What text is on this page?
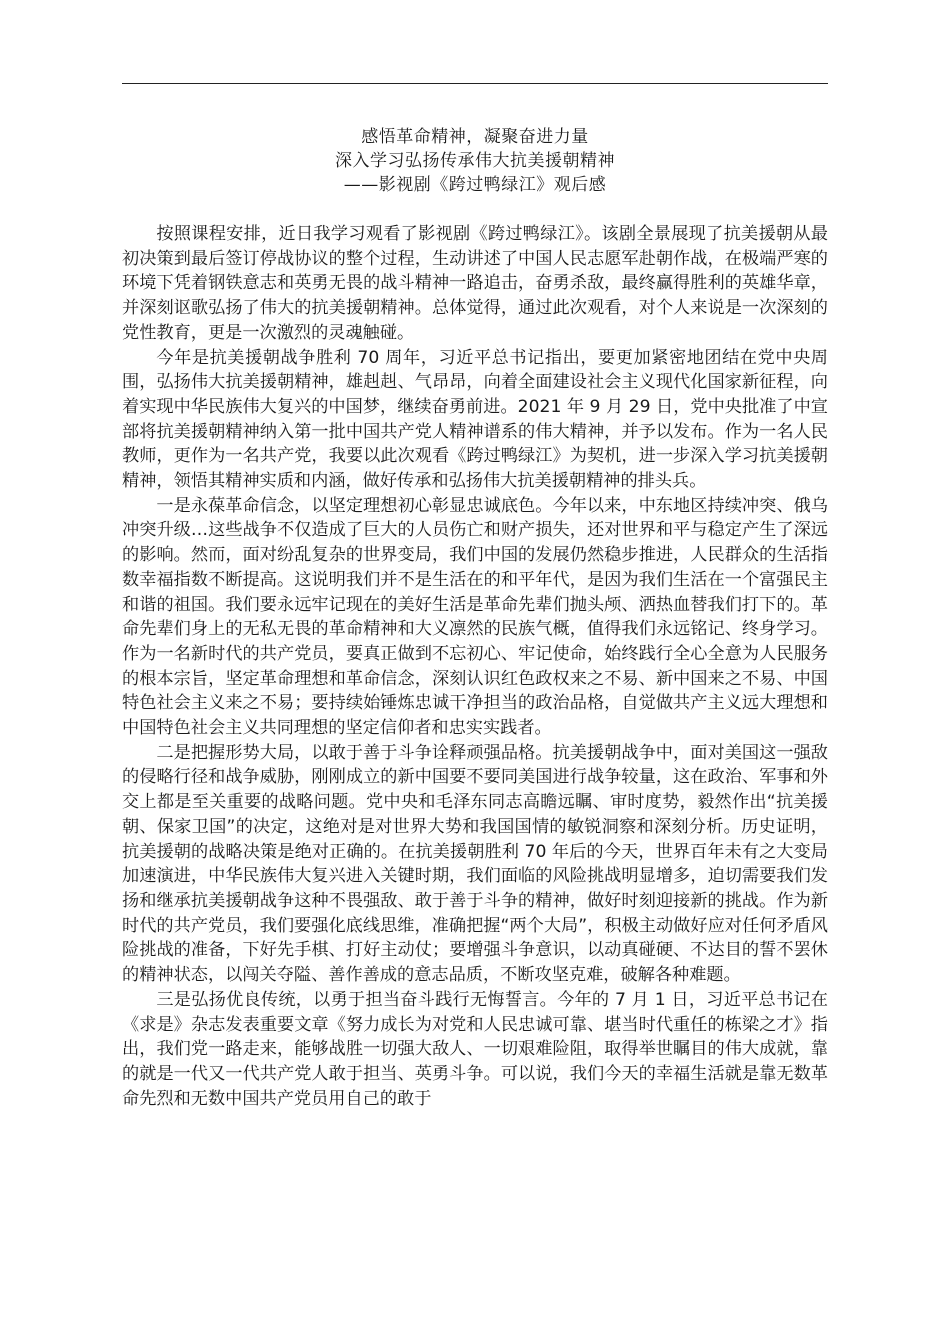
感悟革命精神，凝聚奋进力量
深入学习弘扬传承伟大抗美援朝精神
——影视剧《跨过鸭绿江》观后感

按照课程安排，近日我学习观看了影视剧《跨过鸭绿江》。该剧全景展现了抗美援朝从最初决策到最后签订停战协议的整个过程，生动讲述了中国人民志愿军赴朝作战，在极端严寒的环境下凭着钢铁意志和英勇无畏的战斗精神一路追击，奋勇杀敌，最终赢得胜利的英雄华章，并深刻讴歌弘扬了伟大的抗美援朝精神。总体觉得，通过此次观看，对个人来说是一次深刻的党性教育，更是一次激烈的灵魂触碰。

今年是抗美援朝战争胜利 70 周年，习近平总书记指出，要更加紧密地团结在党中央周围，弘扬伟大抗美援朝精神，雄赳赳、气昂昂，向着全面建设社会主义现代化国家新征程，向着实现中华民族伟大复兴的中国梦，继续奋勇前进。2021 年 9 月 29 日，党中央批准了中宣部将抗美援朝精神纳入第一批中国共产党人精神谱系的伟大精神，并予以发布。作为一名人民教师，更作为一名共产党，我要以此次观看《跨过鸭绿江》为契机，进一步深入学习抗美援朝精神，领悟其精神实质和内涵，做好传承和弘扬伟大抗美援朝精神的排头兵。

一是永葆革命信念，以坚定理想初心彰显忠诚底色。今年以来，中东地区持续冲突、俄乌冲突升级…这些战争不仅造成了巨大的人员伤亡和财产损失，还对世界和平与稳定产生了深远的影响。然而，面对纷乱复杂的世界变局，我们中国的发展仍然稳步推进，人民群众的生活指数幸福指数不断提高。这说明我们并不是生活在的和平年代，是因为我们生活在一个富强民主和谐的祖国。我们要永远牢记现在的美好生活是革命先辈们抛头颅、洒热血替我们打下的。革命先辈们身上的无私无畏的革命精神和大义凛然的民族气概，值得我们永远铭记、终身学习。作为一名新时代的共产党员，要真正做到不忘初心、牢记使命，始终践行全心全意为人民服务的根本宗旨，坚定革命理想和革命信念，深刻认识红色政权来之不易、新中国来之不易、中国特色社会主义来之不易；要持续始锤炼忠诚干净担当的政治品格，自觉做共产主义远大理想和中国特色社会主义共同理想的坚定信仰者和忠实实践者。

二是把握形势大局，以敢于善于斗争诠释顽强品格。抗美援朝战争中，面对美国这一强敌的侵略行径和战争威胁，刚刚成立的新中国要不要同美国进行战争较量，这在政治、军事和外交上都是至关重要的战略问题。党中央和毛泽东同志高瞻远瞩、审时度势，毅然作出“抗美援朝、保家卫国”的决定，这绝对是对世界大势和我国国情的敏锐洞察和深刻分析。历史证明，抗美援朝的战略决策是绝对正确的。在抗美援朝胜利 70 年后的今天，世界百年未有之大变局加速演进，中华民族伟大复兴进入关键时期，我们面临的风险挑战明显增多，迫切需要我们发扬和继承抗美援朝战争这种不畏强敌、敢于善于斗争的精神，做好时刻迎接新的挑战。作为新时代的共产党员，我们要强化底线思维，准确把握“两个大局”，积极主动做好应对任何矛盾风险挑战的准备，下好先手棋、打好主动仗；要增强斗争意识，以动真碰硬、不达目的誓不罢休的精神状态，以闯关夺隘、善作善成的意志品质，不断攻坚克难，破解各种难题。

三是弘扬优良传统，以勇于担当奋斗践行无悔誓言。今年的 7 月 1 日，习近平总书记在《求是》杂志发表重要文章《努力成长为对党和人民忠诚可靠、堪当时代重任的栋梁之才》指出，我们党一路走来，能够战胜一切强大敌人、一切艰难险阻，取得举世瞩目的伟大成就，靠的就是一代又一代共产党人敢于担当、英勇斗争。可以说，我们今天的幸福生活就是靠无数革命先烈和无数中国共产党员用自己的敢于
